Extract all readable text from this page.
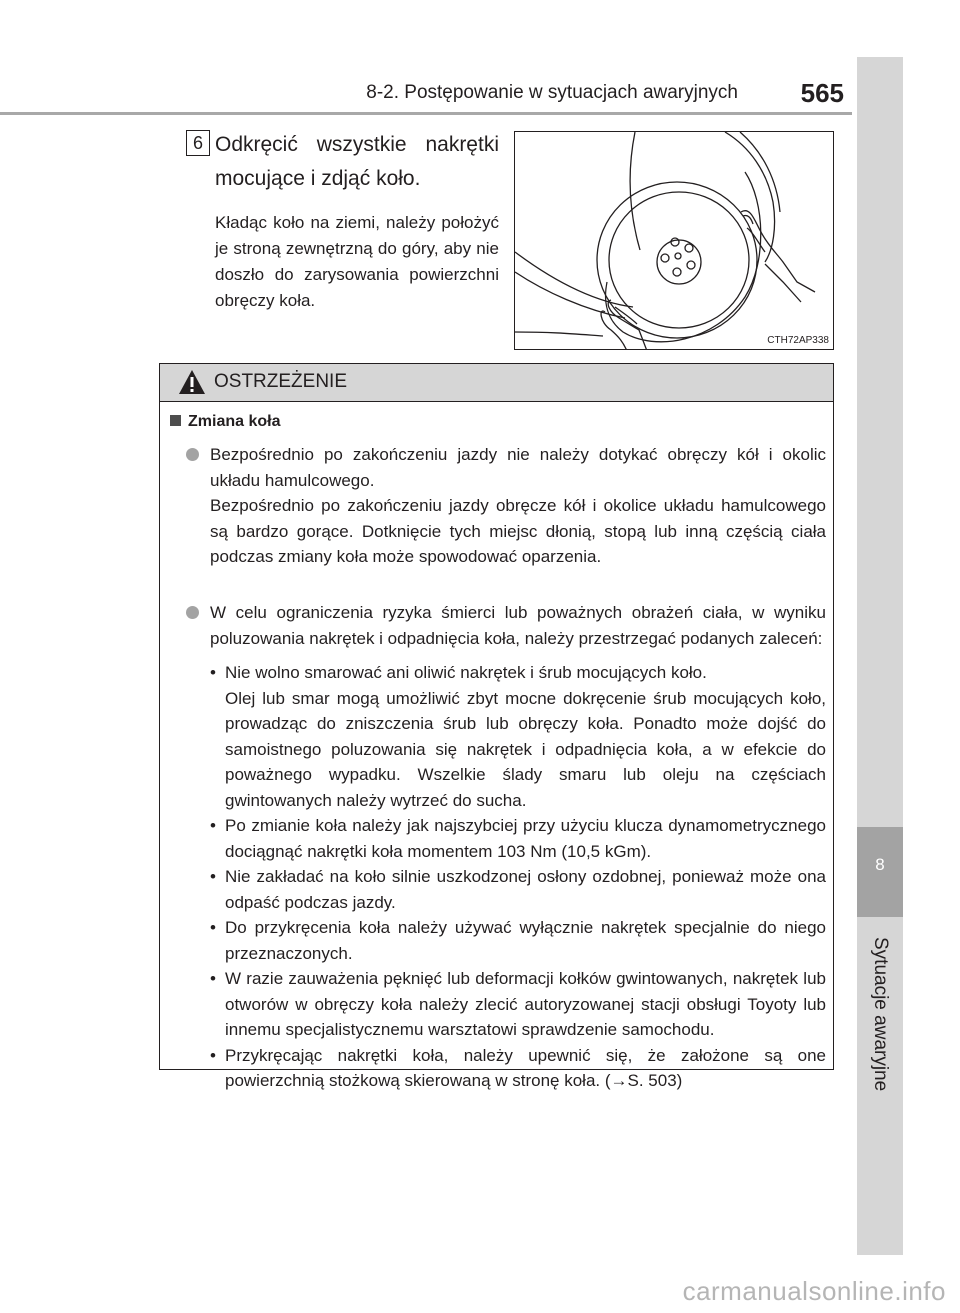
8-2. Postępowanie w sytuacjach awaryjnych 565
8
Sytuacje awaryjne
6 Odkręcić wszystkie nakrętki mocujące i zdjąć koło.
Kładąc koło na ziemi, należy położyć je stroną zewnętrzną do góry, aby nie doszło do zarysowania powierzchni obręczy koła.
CTH72AP338
OSTRZEŻENIE
Zmiana koła

Bezpośrednio po zakończeniu jazdy nie należy dotykać obręczy kół i okolic układu hamulcowego.

Bezpośrednio po zakończeniu jazdy obręcze kół i okolice układu hamulcowego są bardzo gorące. Dotknięcie tych miejsc dłonią, stopą lub inną częścią ciała podczas zmiany koła może spowodować oparzenia.

W celu ograniczenia ryzyka śmierci lub poważnych obrażeń ciała, w wyniku poluzowania nakrętek i odpadnięcia koła, należy przestrzegać podanych zaleceń:

• Nie wolno smarować ani oliwić nakrętek i śrub mocujących koło.
Olej lub smar mogą umożliwić zbyt mocne dokręcenie śrub mocujących koło, prowadząc do zniszczenia śrub lub obręczy koła. Ponadto może dojść do samoistnego poluzowania się nakrętek i odpadnięcia koła, a w efekcie do poważnego wypadku. Wszelkie ślady smaru lub oleju na częściach gwintowanych należy wytrzeć do sucha.
• Po zmianie koła należy jak najszybciej przy użyciu klucza dynamometrycznego dociągnąć nakrętki koła momentem 103 Nm (10,5 kGm).
• Nie zakładać na koło silnie uszkodzonej osłony ozdobnej, ponieważ może ona odpaść podczas jazdy.
• Do przykręcenia koła należy używać wyłącznie nakrętek specjalnie do niego przeznaczonych.
• W razie zauważenia pęknięć lub deformacji kołków gwintowanych, nakrętek lub otworów w obręczy koła należy zlecić autoryzowanej stacji obsługi Toyoty lub innemu specjalistycznemu warsztatowi sprawdzenie samochodu.
• Przykręcając nakrętki koła, należy upewnić się, że założone są one powierzchnią stożkową skierowaną w stronę koła. (→S. 503)
carmanualsonline.info
